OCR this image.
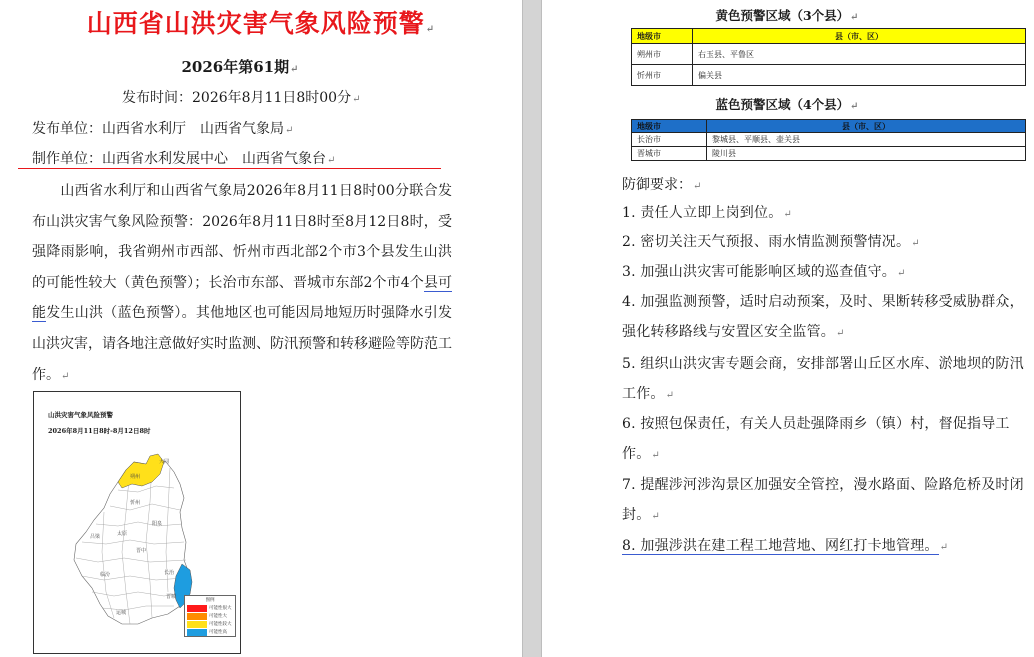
山西省山洪灾害气象风险预警↵
2026年第61期↵
发布时间：2026年8月11日8时00分↵
发布单位：山西省水利厅　山西省气象局↵
制作单位：山西省水利发展中心　山西省气象台↵
山西省水利厅和山西省气象局2026年8月11日8时00分联合发布山洪灾害气象风险预警：2026年8月11日8时至8月12日8时，受强降雨影响，我省朔州市西部、忻州市西北部2个市3个县发生山洪的可能性较大（黄色预警）；长治市东部、晋城市东部2个市4个县可能发生山洪（蓝色预警）。其他地区也可能因局地短历时强降水引发山洪灾害，请各地注意做好实时监测、防汛预警和转移避险等防范工作。↵
山洪灾害气象风险预警
2026年8月11日8时-8月12日8时
大同
朔州
忻州
太原
阳泉
吕梁
晋中
长治
临汾
晋城
运城
图例
可能性很大
可能性大
可能性较大
可能性高
黄色预警区域（3个县）↵
地级市	县（市、区）
朔州市	右玉县、平鲁区
忻州市	偏关县
蓝色预警区域（4个县）↵
地级市	县（市、区）
长治市	黎城县、平顺县、壶关县
晋城市	陵川县
防御要求：↵
1. 责任人立即上岗到位。↵
2. 密切关注天气预报、雨水情监测预警情况。↵
3. 加强山洪灾害可能影响区域的巡查值守。↵
4. 加强监测预警，适时启动预案，及时、果断转移受威胁群众，强化转移路线与安置区安全监管。↵
5. 组织山洪灾害专题会商，安排部署山丘区水库、淤地坝的防汛工作。↵
6. 按照包保责任，有关人员赴强降雨乡（镇）村，督促指导工作。↵
7. 提醒涉河涉沟景区加强安全管控，漫水路面、险路危桥及时闭封。↵
8. 加强涉洪在建工程工地营地、网红打卡地管理。↵
